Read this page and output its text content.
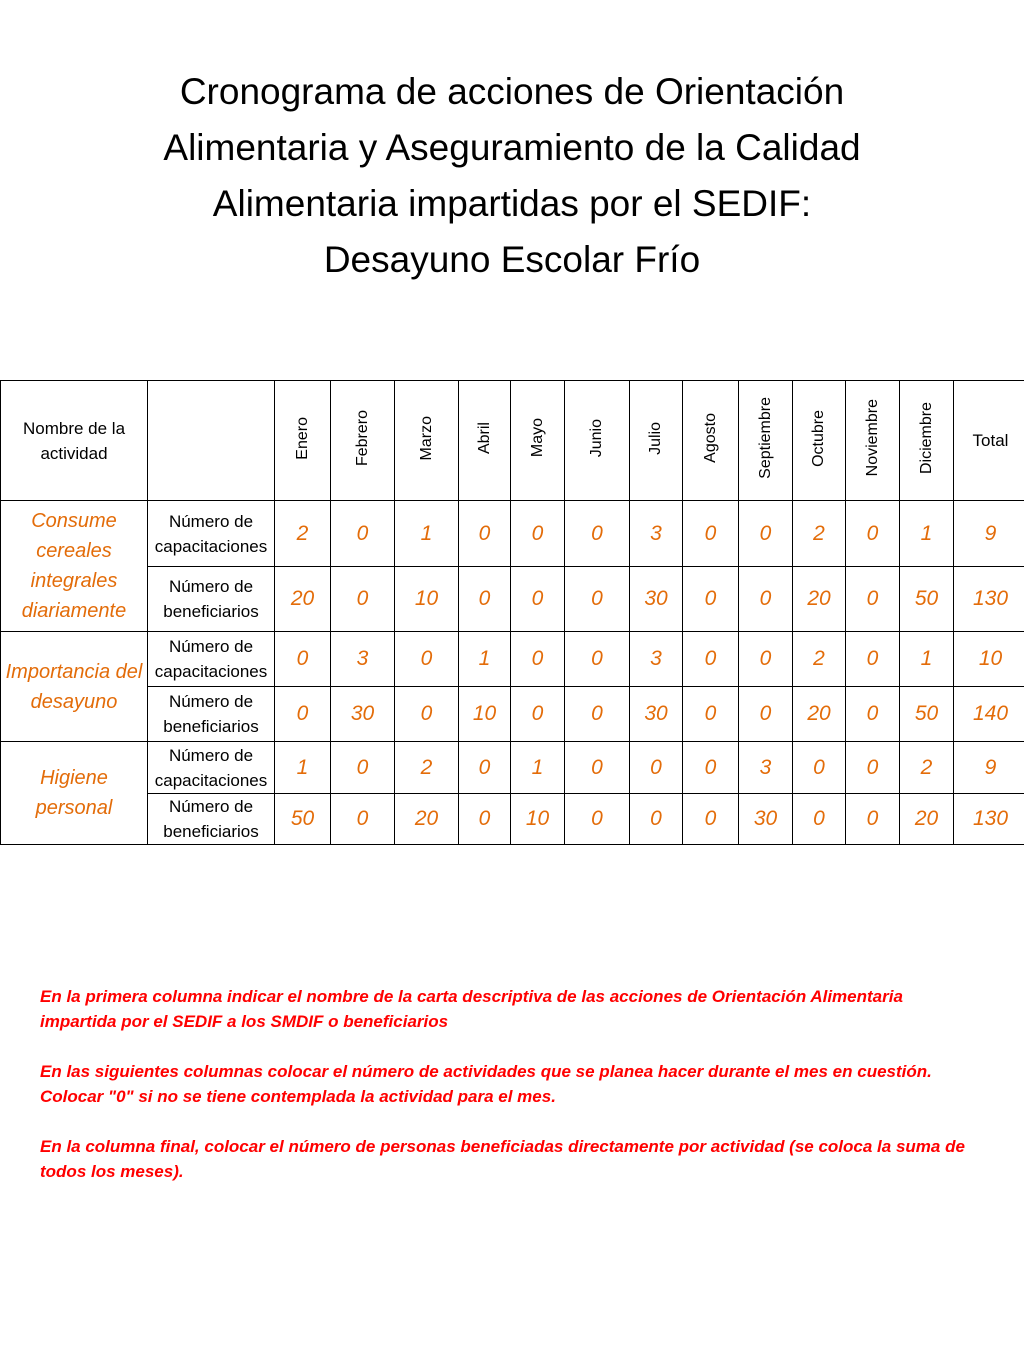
Cronograma de acciones de Orientación
Alimentaria y Aseguramiento de la Calidad
Alimentaria impartidas por el SEDIF:
Desayuno Escolar Frío
Nombre de la actividad		Enero	Febrero	Marzo	Abril	Mayo	Junio	Julio	Agosto	Septiembre	Octubre	Noviembre	Diciembre	Total
Consume cereales integrales diariamente	Número de capacitaciones	2	0	1	0	0	0	3	0	0	2	0	1	9
	Número de beneficiarios	20	0	10	0	0	0	30	0	0	20	0	50	130
Importancia del desayuno	Número de capacitaciones	0	3	0	1	0	0	3	0	0	2	0	1	10
	Número de beneficiarios	0	30	0	10	0	0	30	0	0	20	0	50	140
Higiene personal	Número de capacitaciones	1	0	2	0	1	0	0	0	3	0	0	2	9
	Número de beneficiarios	50	0	20	0	10	0	0	0	30	0	0	20	130

En la primera columna indicar el nombre de la carta descriptiva de las acciones de Orientación Alimentaria impartida por el SEDIF a los SMDIF o beneficiarios

En las siguientes columnas colocar el número de actividades que se planea hacer durante el mes en cuestión. Colocar "0" si no se tiene contemplada la actividad para el mes.

En la columna final, colocar el número de personas beneficiadas directamente por actividad (se coloca la suma de todos los meses).
